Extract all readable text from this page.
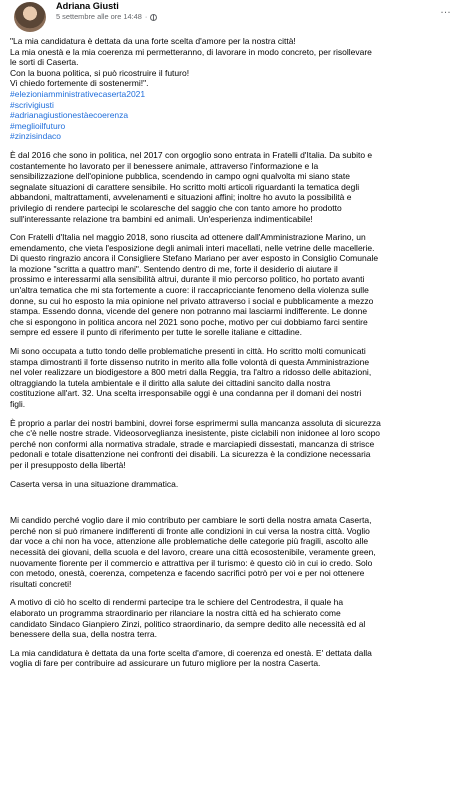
Adriana Giusti
5 settembre alle ore 14:48 ·
…
"La mia candidatura è dettata da una forte scelta d'amore per la nostra città!
La mia onestà e la mia coerenza mi permetteranno, di lavorare in modo concreto, per risollevare
le sorti di Caserta.
Con la buona politica, si può ricostruire il futuro!
Vi chiedo fortemente di sostenermi!".
#elezioniamministrativecaserta2021
#scrivigiusti
#adrianagiustionestàecoerenza
#meglioilfuturo
#zinzisindaco
È dal 2016 che sono in politica, nel 2017 con orgoglio sono entrata in Fratelli d'Italia. Da subito e
costantemente ho lavorato per il benessere animale, attraverso l'informazione e la
sensibilizzazione dell'opinione pubblica, scendendo in campo ogni qualvolta mi siano state
segnalate situazioni di carattere sensibile. Ho scritto molti articoli riguardanti la tematica degli
abbandoni, maltrattamenti, avvelenamenti e situazioni affini; inoltre ho avuto la possibilità e
privilegio di rendere partecipi le scolaresche del saggio che con tanto amore ho prodotto
sull'interessante relazione tra bambini ed animali. Un'esperienza indimenticabile!
Con Fratelli d'Italia nel maggio 2018, sono riuscita ad ottenere dall'Amministrazione Marino, un
emendamento, che vieta l'esposizione degli animali interi macellati, nelle vetrine delle macellerie.
Di questo ringrazio ancora il Consigliere Stefano Mariano per aver esposto in Consiglio Comunale
la mozione "scritta a quattro mani". Sentendo dentro di me, forte il desiderio di aiutare il
prossimo e interessarmi alla sensibilità altrui, durante il mio percorso politico, ho portato avanti
un'altra tematica che mi sta fortemente a cuore: il raccapricciante fenomeno della violenza sulle
donne, su cui ho esposto la mia opinione nel privato attraverso i social e pubblicamente a mezzo
stampa. Essendo donna, vicende del genere non potranno mai lasciarmi indifferente. Le donne
che si espongono in politica ancora nel 2021 sono poche, motivo per cui dobbiamo farci sentire
sempre ed essere il punto di riferimento per tutte le sorelle italiane e cittadine.
Mi sono occupata a tutto tondo delle problematiche presenti in città. Ho scritto molti comunicati
stampa dimostranti il forte dissenso nutrito in merito alla folle volontà di questa Amministrazione
nel voler realizzare un biodigestore a 800 metri dalla Reggia, tra l'altro a ridosso delle abitazioni,
oltraggiando la tutela ambientale e il diritto alla salute dei cittadini sancito dalla nostra
costituzione all'art. 32. Una scelta irresponsabile oggi è una condanna per il domani dei nostri
figli.
È proprio a parlar dei nostri bambini, dovrei forse esprimermi sulla mancanza assoluta di sicurezza
che c'è nelle nostre strade. Videosorveglianza inesistente, piste ciclabili non inidonee al loro scopo
perché non conformi alla normativa stradale, strade e marciapiedi dissestati, mancanza di strisce
pedonali e totale disattenzione nei confronti dei disabili. La sicurezza è la condizione necessaria
per il presupposto della libertà!
Caserta versa in una situazione drammatica.
Mi candido perché voglio dare il mio contributo per cambiare le sorti della nostra amata Caserta,
perché non si può rimanere indifferenti di fronte alle condizioni in cui versa la nostra città. Voglio
dar voce a chi non ha voce, attenzione alle problematiche delle categorie più fragili, ascolto alle
necessità dei giovani, della scuola e del lavoro, creare una città ecosostenibile, veramente green,
nuovamente fiorente per il commercio e attrattiva per il turismo: è questo ciò in cui io credo. Solo
con metodo, onestà, coerenza, competenza e facendo sacrifici potrò per voi e per noi ottenere
risultati concreti!
A motivo di ciò ho scelto di rendermi partecipe tra le schiere del Centrodestra, il quale ha
elaborato un programma straordinario per rilanciare la nostra città ed ha schierato come
candidato Sindaco Gianpiero Zinzi, politico straordinario, da sempre dedito alle necessità ed al
benessere della sua, della nostra terra.
La mia candidatura è dettata da una forte scelta d'amore, di coerenza ed onestà. E' dettata dalla
voglia di fare per contribuire ad assicurare un futuro migliore per la nostra Caserta.
